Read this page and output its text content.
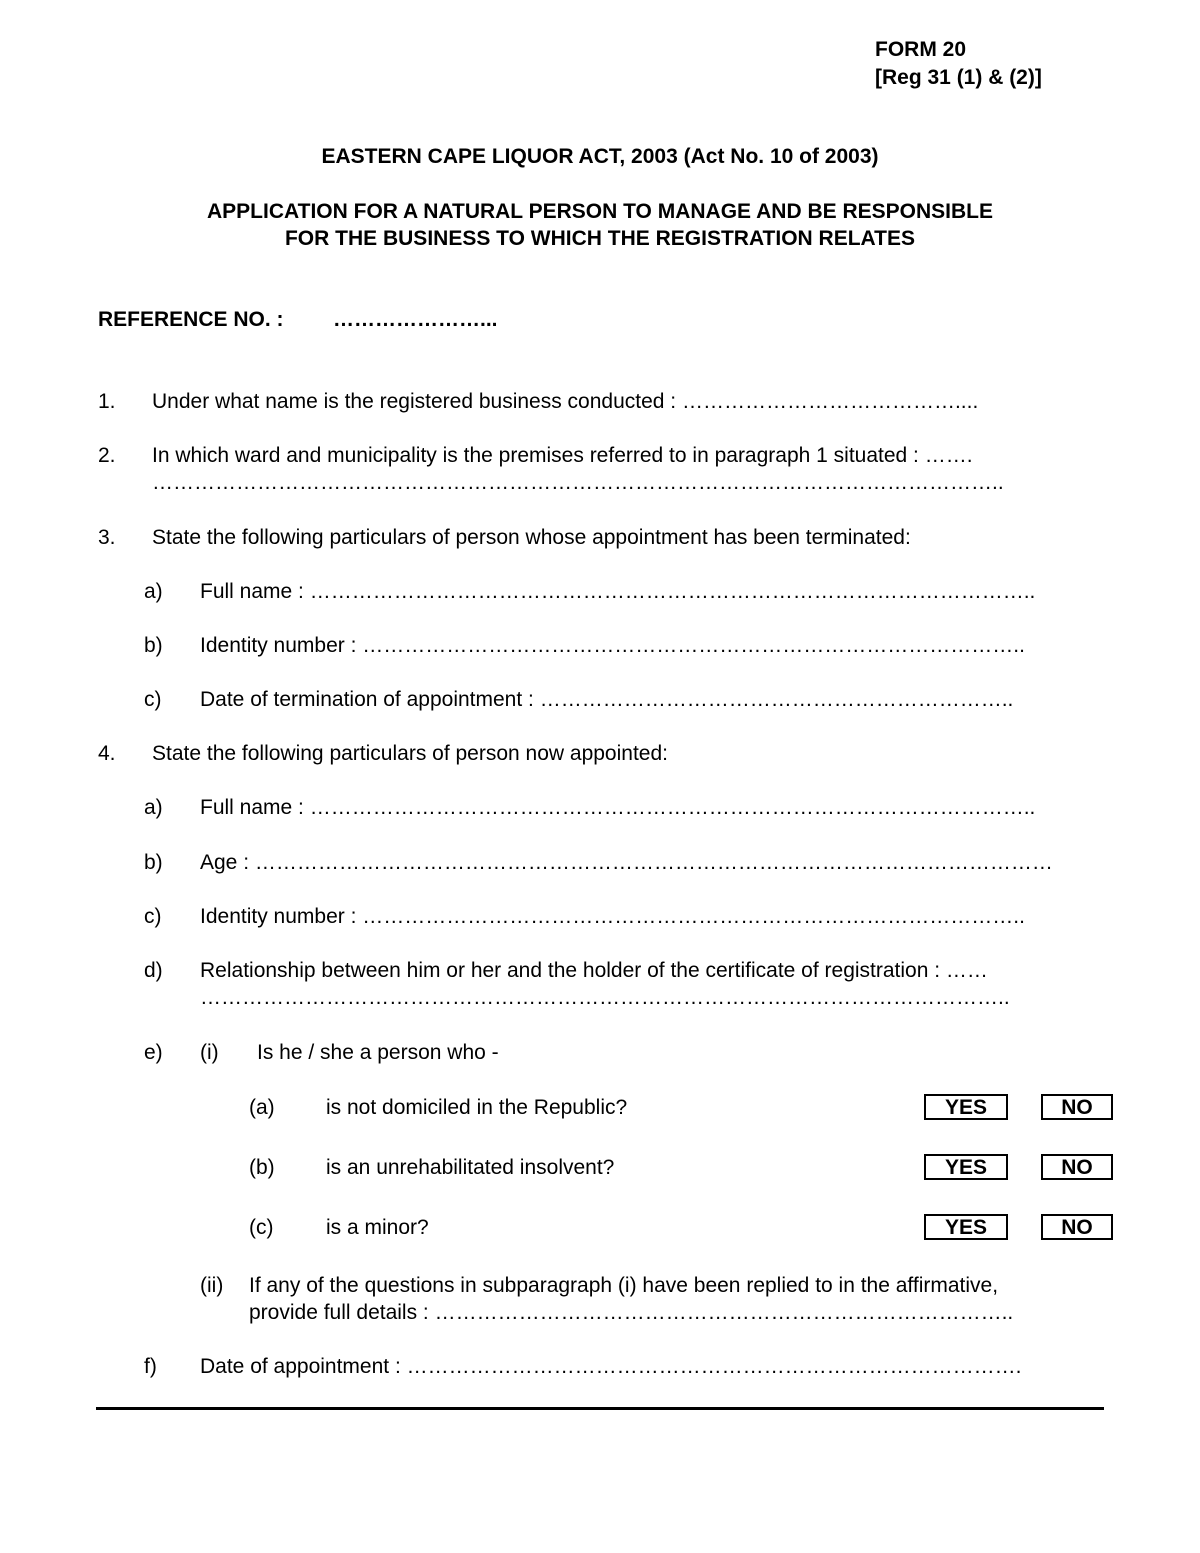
FORM 20
[Reg 31 (1) & (2)]
EASTERN CAPE LIQUOR ACT, 2003 (Act No. 10 of 2003)
APPLICATION FOR A NATURAL PERSON TO MANAGE AND BE RESPONSIBLE
FOR THE BUSINESS TO WHICH THE REGISTRATION RELATES
REFERENCE NO. : …………………...
1. Under what name is the registered business conducted : …………………………………....
2. In which ward and municipality is the premises referred to in paragraph 1 situated : …….
…………………………………………………………………………………………………………..
3. State the following particulars of person whose appointment has been terminated:
a) Full name : …………………………………………………………………………………………..
b) Identity number : …………………………………………………………………………………..
c) Date of termination of appointment : …………………………………………………………..
4. State the following particulars of person now appointed:
a) Full name : …………………………………………………………………………………………..
b) Age : ……………………………………………………………………………………………………
c) Identity number : …………………………………………………………………………………..
d) Relationship between him or her and the holder of the certificate of registration : ……
……………………………………………………………………………………………………..
e) (i) Is he / she a person who -
(a) is not domiciled in the Republic?	YES	NO
(b) is an unrehabilitated insolvent?	YES	NO
(c)	is a minor?	YES	NO
(ii) If any of the questions in subparagraph (i) have been replied to in the affirmative,
provide full details : ………………………………………………………………………..
f) Date of appointment : …………………………………………………………………………….
